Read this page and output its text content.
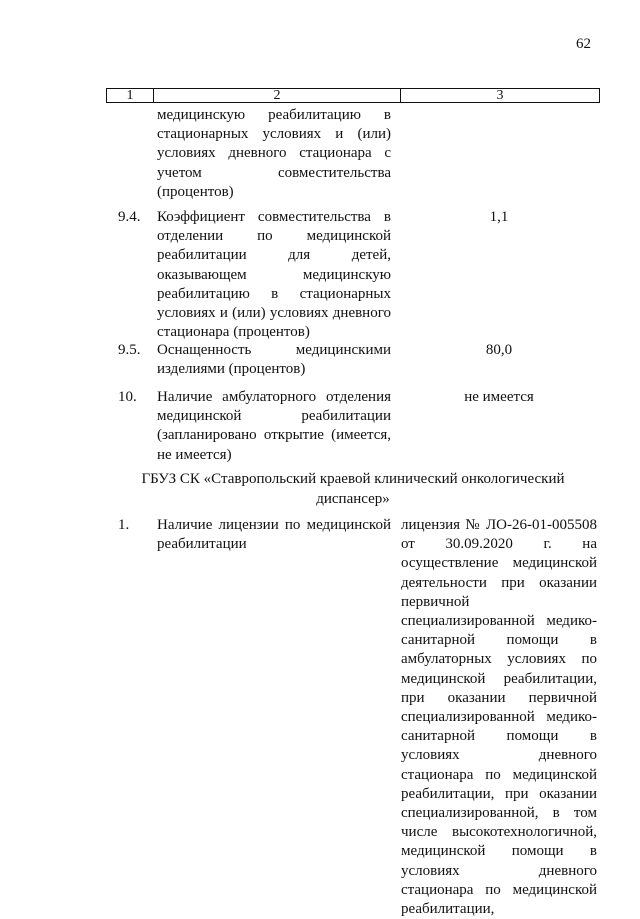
62
1	2	3
медицинскую реабилитацию в стационарных условиях и (или) условиях дневного стационара с учетом совместительства (процентов)
9.4. Коэффициент совместительства в отделении по медицинской реабилитации для детей, оказывающем медицинскую реабилитацию в стационарных условиях и (или) условиях дневного стационара (процентов)
1,1
9.5. Оснащенность медицинскими изделиями (процентов)
80,0
10. Наличие амбулаторного отделения медицинской реабилитации (запланировано открытие (имеется, не имеется)
не имеется
ГБУЗ СК «Ставропольский краевой клинический онкологический диспансер»
1. Наличие лицензии по медицинской реабилитации
лицензия № ЛО-26-01-005508 от 30.09.2020 г. на осуществление медицинской деятельности при оказании первичной специализированной медико-санитарной помощи в амбулаторных условиях по медицинской реабилитации, при оказании первичной специализированной медико-санитарной помощи в условиях дневного стационара по медицинской реабилитации, при оказании специализированной, в том числе высокотехнологичной, медицинской помощи в условиях дневного стационара по медицинской реабилитации,
